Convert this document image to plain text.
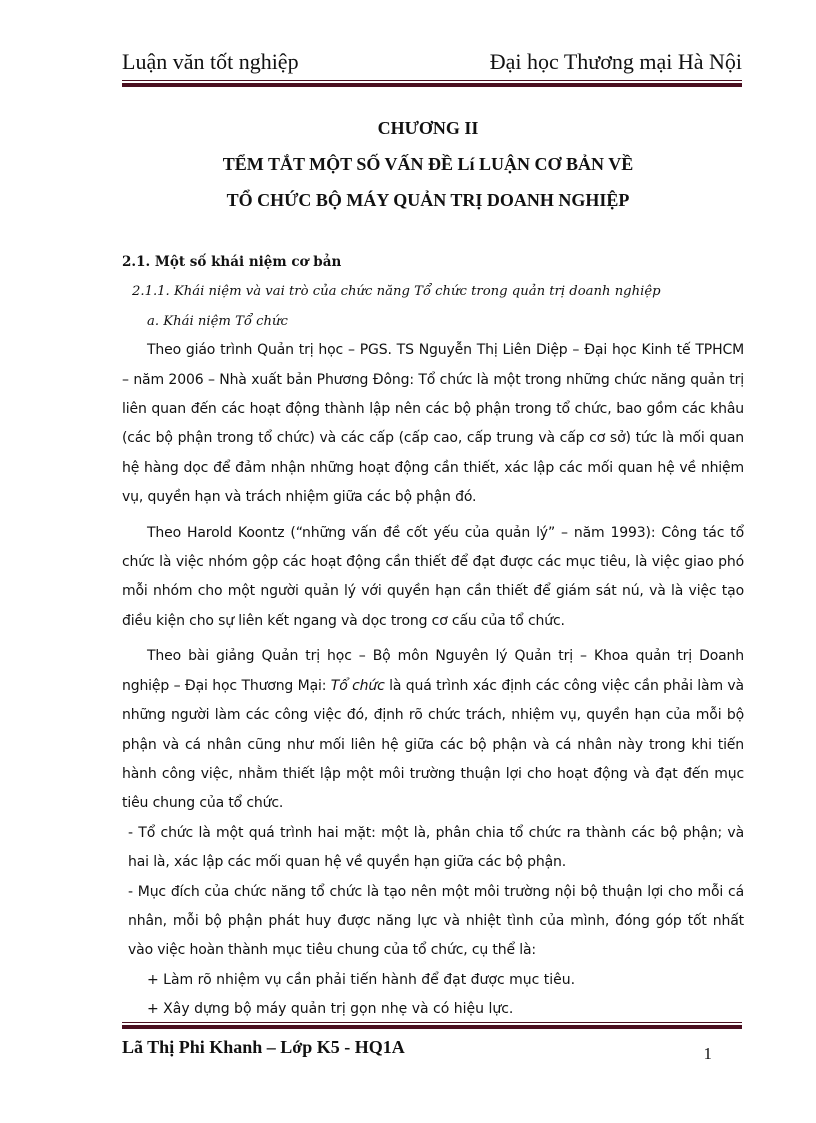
Luận văn tốt nghiệp	Đại học Thương mại Hà Nội
CHƯƠNG II
TỂM TẮT MỘT SỐ VẤN ĐỀ Lí LUẬN CƠ BẢN VỀ
TỔ CHỨC BỘ MÁY QUẢN TRỊ DOANH NGHIỆP
2.1. Một số khái niệm cơ bản
2.1.1. Khái niệm và vai trò của chức năng Tổ chức trong quản trị doanh nghiệp
a. Khái niệm Tổ chức

Theo giáo trình Quản trị học – PGS. TS Nguyễn Thị Liên Diệp – Đại học Kinh tế TPHCM – năm 2006 – Nhà xuất bản Phương Đông: Tổ chức là một trong những chức năng quản trị liên quan đến các hoạt động thành lập nên các bộ phận trong tổ chức, bao gồm các khâu (các bộ phận trong tổ chức) và các cấp (cấp cao, cấp trung và cấp cơ sở) tức là mối quan hệ hàng dọc để đảm nhận những hoạt động cần thiết, xác lập các mối quan hệ về nhiệm vụ, quyền hạn và trách nhiệm giữa các bộ phận đó.

Theo Harold Koontz (“những vấn đề cốt yếu của quản lý” – năm 1993): Công tác tổ chức là việc nhóm gộp các hoạt động cần thiết để đạt được các mục tiêu, là việc giao phó mỗi nhóm cho một người quản lý với quyền hạn cần thiết để giám sát nú, và là việc tạo điều kiện cho sự liên kết ngang và dọc trong cơ cấu của tổ chức.

Theo bài giảng Quản trị học – Bộ môn Nguyên lý Quản trị – Khoa quản trị Doanh nghiệp – Đại học Thương Mại: Tổ chức là quá trình xác định các công việc cần phải làm và những người làm các công việc đó, định rõ chức trách, nhiệm vụ, quyền hạn của mỗi bộ phận và cá nhân cũng như mối liên hệ giữa các bộ phận và cá nhân này trong khi tiến hành công việc, nhằm thiết lập một môi trường thuận lợi cho hoạt động và đạt đến mục tiêu chung của tổ chức.

- Tổ chức là một quá trình hai mặt: một là, phân chia tổ chức ra thành các bộ phận; và hai là, xác lập các mối quan hệ về quyền hạn giữa các bộ phận.

- Mục đích của chức năng tổ chức là tạo nên một môi trường nội bộ thuận lợi cho mỗi cá nhân, mỗi bộ phận phát huy được năng lực và nhiệt tình của mình, đóng góp tốt nhất vào việc hoàn thành mục tiêu chung của tổ chức, cụ thể là:

+ Làm rõ nhiệm vụ cần phải tiến hành để đạt được mục tiêu.

+ Xây dựng bộ máy quản trị gọn nhẹ và có hiệu lực.

Lã Thị Phi Khanh – Lớp K5 - HQ1A	1
